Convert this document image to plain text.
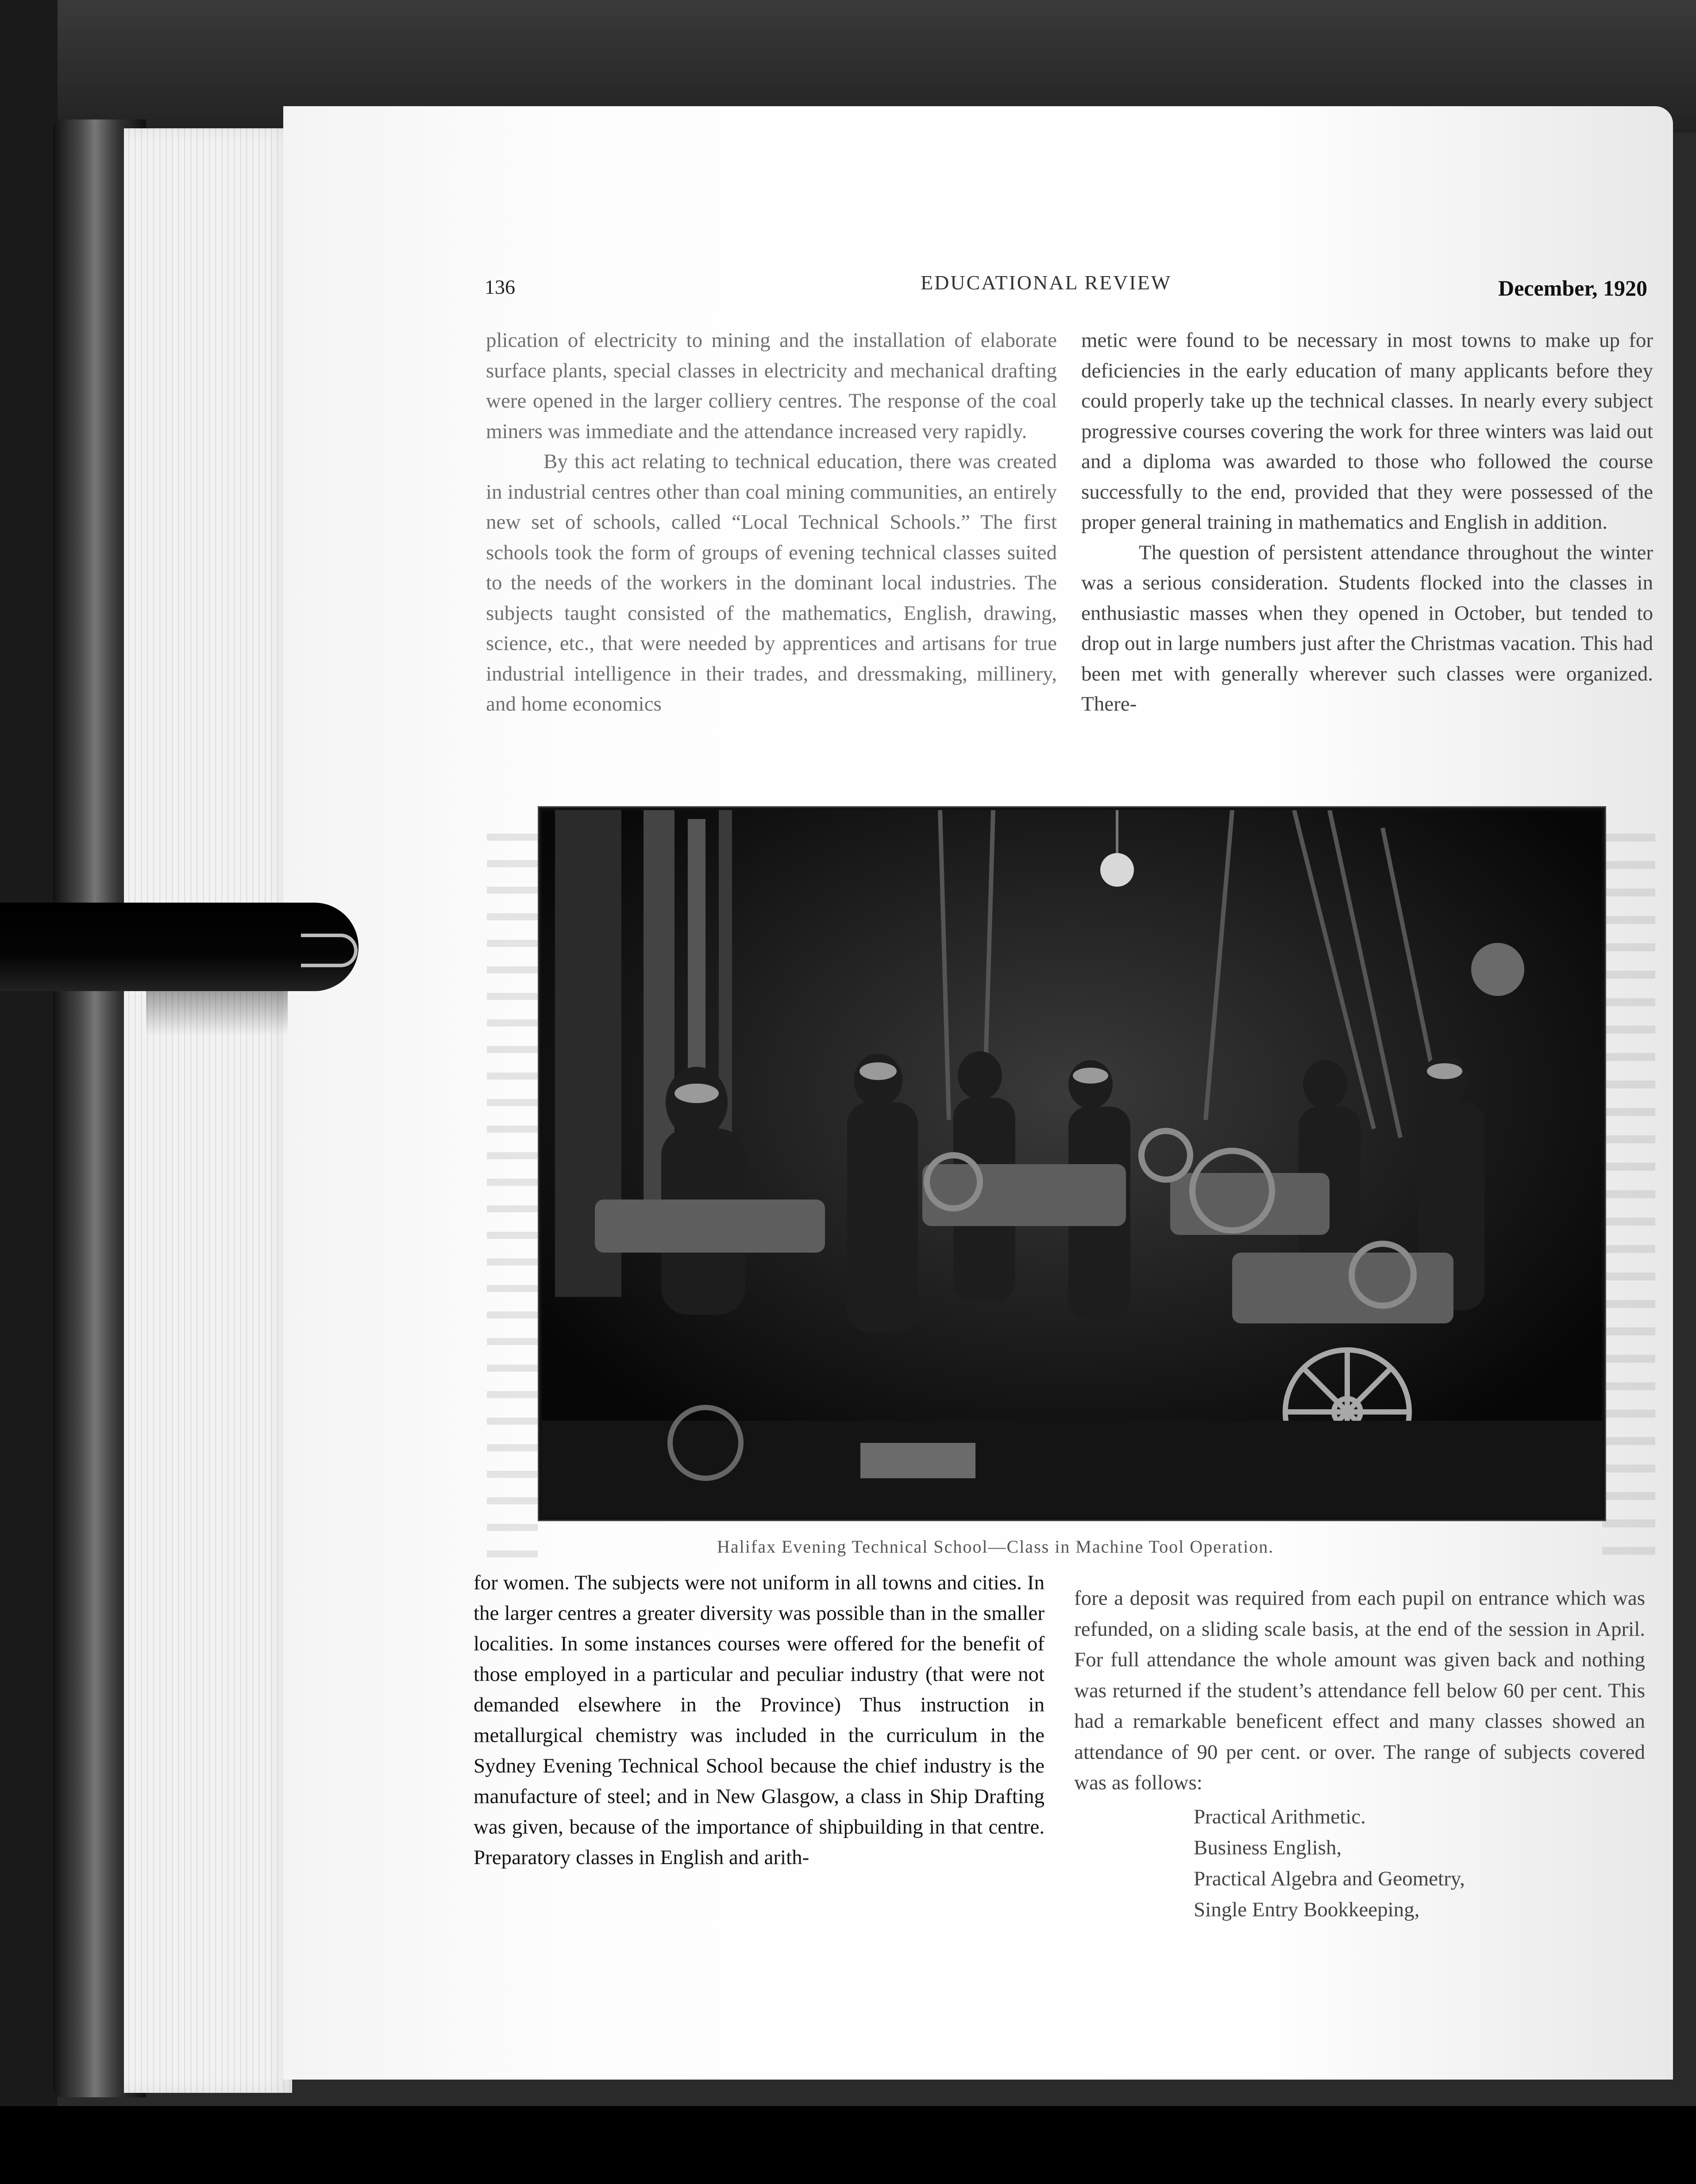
136	EDUCATIONAL REVIEW	December, 1920

plication of electricity to mining and the installation of elaborate surface plants, special classes in electricity and mechanical drafting were opened in the larger colliery centres. The response of the coal miners was immediate and the attendance increased very rapidly.

By this act relating to technical education, there was created in industrial centres other than coal mining communities, an entirely new set of schools, called “Local Technical Schools.” The first schools took the form of groups of evening technical classes suited to the needs of the workers in the dominant local industries. The subjects taught consisted of the mathematics, English, drawing, science, etc., that were needed by apprentices and artisans for true industrial intelligence in their trades, and dressmaking, millinery, and home economics

metic were found to be necessary in most towns to make up for deficiencies in the early education of many applicants before they could properly take up the technical classes. In nearly every subject progressive courses covering the work for three winters was laid out and a diploma was awarded to those who followed the course successfully to the end, provided that they were possessed of the proper general training in mathematics and English in addition.

The question of persistent attendance throughout the winter was a serious consideration. Students flocked into the classes in enthusiastic masses when they opened in October, but tended to drop out in large numbers just after the Christmas vacation. This had been met with generally wherever such classes were organized. There-

Halifax Evening Technical School—Class in Machine Tool Operation.

for women. The subjects were not uniform in all towns and cities. In the larger centres a greater diversity was possible than in the smaller localities. In some instances courses were offered for the benefit of those employed in a particular and peculiar industry (that were not demanded elsewhere in the Province) Thus instruction in metallurgical chemistry was included in the curriculum in the Sydney Evening Technical School because the chief industry is the manufacture of steel; and in New Glasgow, a class in Ship Drafting was given, because of the importance of shipbuilding in that centre. Preparatory classes in English and arith-

fore a deposit was required from each pupil on entrance which was refunded, on a sliding scale basis, at the end of the session in April. For full attendance the whole amount was given back and nothing was returned if the student’s attendance fell below 60 per cent. This had a remarkable beneficent effect and many classes showed an attendance of 90 per cent. or over. The range of subjects covered was as follows:

Practical Arithmetic.
Business English,
Practical Algebra and Geometry,
Single Entry Bookkeeping,
